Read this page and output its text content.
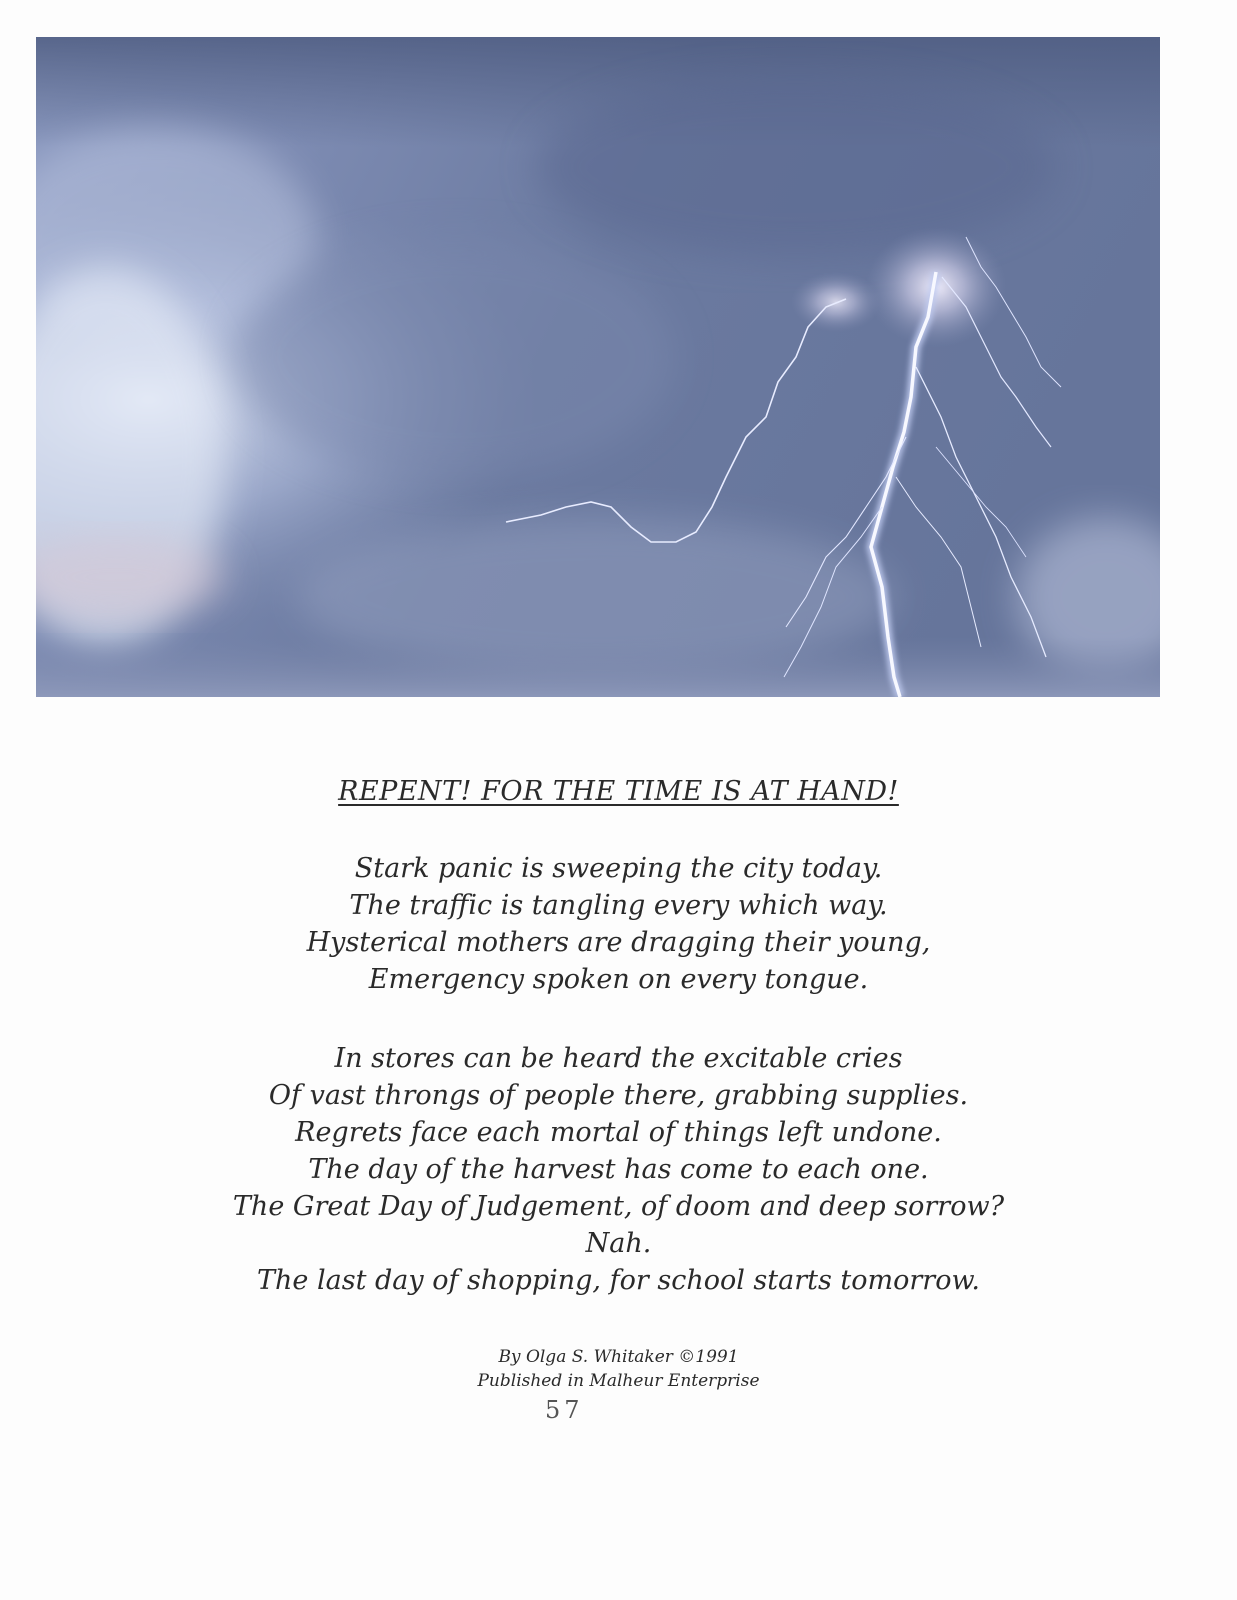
REPENT! FOR THE TIME IS AT HAND!
Stark panic is sweeping the city today.
The traffic is tangling every which way.
Hysterical mothers are dragging their young,
Emergency spoken on every tongue.
In stores can be heard the excitable cries
Of vast throngs of people there, grabbing supplies.
Regrets face each mortal of things left undone.
The day of the harvest has come to each one.
The Great Day of Judgement, of doom and deep sorrow?
Nah.
The last day of shopping, for school starts tomorrow.
By Olga S. Whitaker ©1991
Published in Malheur Enterprise
57
